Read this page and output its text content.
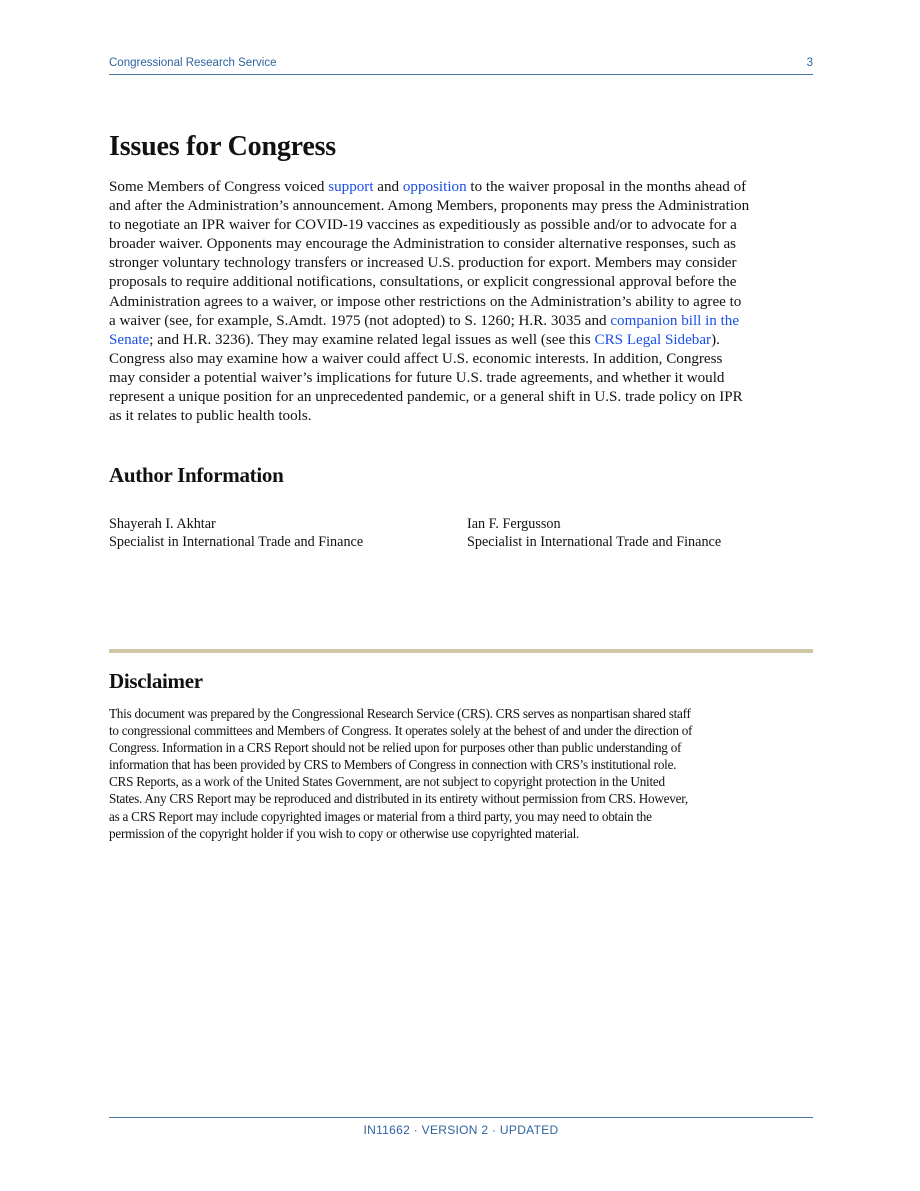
Congressional Research Service	3
Issues for Congress

Some Members of Congress voiced support and opposition to the waiver proposal in the months ahead of
and after the Administration’s announcement. Among Members, proponents may press the Administration
to negotiate an IPR waiver for COVID-19 vaccines as expeditiously as possible and/or to advocate for a
broader waiver. Opponents may encourage the Administration to consider alternative responses, such as
stronger voluntary technology transfers or increased U.S. production for export. Members may consider
proposals to require additional notifications, consultations, or explicit congressional approval before the
Administration agrees to a waiver, or impose other restrictions on the Administration’s ability to agree to
a waiver (see, for example, S.Amdt. 1975 (not adopted) to S. 1260; H.R. 3035 and companion bill in the
Senate; and H.R. 3236). They may examine related legal issues as well (see this CRS Legal Sidebar).
Congress also may examine how a waiver could affect U.S. economic interests. In addition, Congress
may consider a potential waiver’s implications for future U.S. trade agreements, and whether it would
represent a unique position for an unprecedented pandemic, or a general shift in U.S. trade policy on IPR
as it relates to public health tools.

Author Information
Shayerah I. Akhtar
Specialist in International Trade and Finance
Ian F. Fergusson
Specialist in International Trade and Finance
Disclaimer

This document was prepared by the Congressional Research Service (CRS). CRS serves as nonpartisan shared staff
to congressional committees and Members of Congress. It operates solely at the behest of and under the direction of
Congress. Information in a CRS Report should not be relied upon for purposes other than public understanding of
information that has been provided by CRS to Members of Congress in connection with CRS’s institutional role.
CRS Reports, as a work of the United States Government, are not subject to copyright protection in the United
States. Any CRS Report may be reproduced and distributed in its entirety without permission from CRS. However,
as a CRS Report may include copyrighted images or material from a third party, you may need to obtain the
permission of the copyright holder if you wish to copy or otherwise use copyrighted material.

IN11662 · VERSION 2 · UPDATED
